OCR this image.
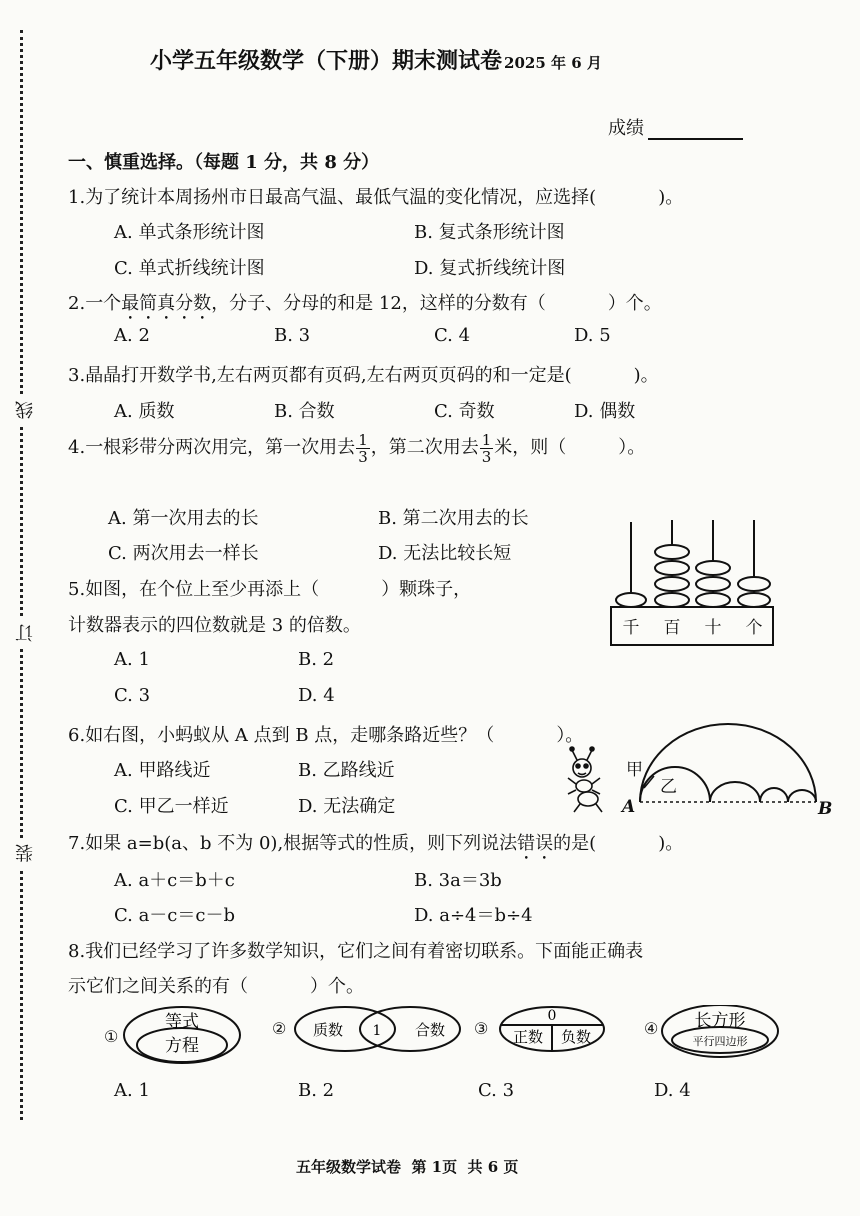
线
订
装
小学五年级数学（下册）期末测试卷 2025 年 6 月
成绩
一、慎重选择。（每题 1 分，共 8 分）
1.为了统计本周扬州市日最高气温、最低气温的变化情况，应选择(	)。
A. 单式条形统计图	B. 复式条形统计图
C. 单式折线统计图	D. 复式折线统计图
2.一个最简真分数，分子、分母的和是 12，这样的分数有（	）个。
A. 2	B. 3	C. 4	D. 5
3.晶晶打开数学书,左右两页都有页码,左右两页页码的和一定是(	)。
A. 质数	B. 合数	C. 奇数	D. 偶数
4.一根彩带分两次用完，第一次用去 $\frac{1}{3}$ ，第二次用去 $\frac{1}{3}$ 米，则（	）。
A. 第一次用去的长	B. 第二次用去的长
C. 两次用去一样长	D. 无法比较长短
5.如图，在个位上至少再添上（	）颗珠子，
计数器表示的四位数就是 3 的倍数。
A. 1	B. 2
C. 3	D. 4
千 百 十 个
6.如右图，小蚂蚁从 A 点到 B 点，走哪条路近些？（	）。
A. 甲路线近	B. 乙路线近
C. 甲乙一样近	D. 无法确定
甲
乙
A	B
7.如果 a=b(a、b 不为 0),根据等式的性质，则下列说法错误的是(	)。
A. a＋c＝b＋c	B. 3a＝3b
C. a－c＝c－b	D. a÷4＝b÷4
8.我们已经学习了许多数学知识，它们之间有着密切联系。下面能正确表
示它们之间关系的有（	）个。
①	②	③	④
等式
方程
质数 1 合数
0
正数 负数
长方形
平行四边形
A. 1	B. 2	C. 3	D. 4
五年级数学试卷  第 1页  共 6 页
